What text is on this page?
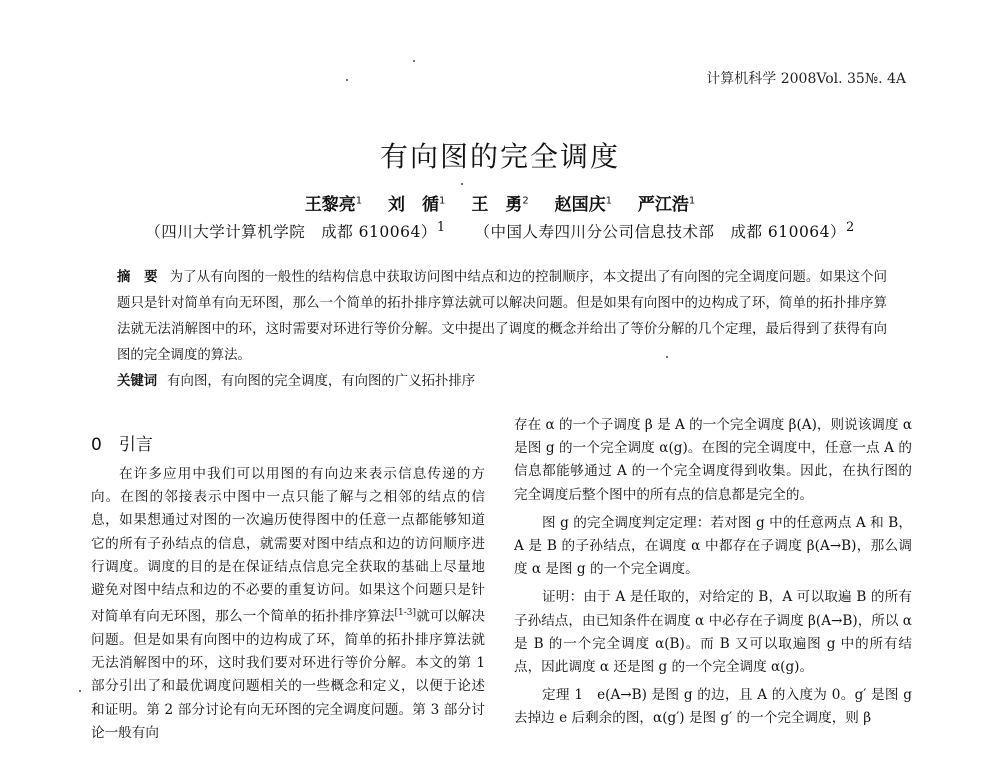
计算机科学 2008Vol. 35№. 4A
有向图的完全调度
王黎亮$^1$ 刘　循$^1$ 王　勇$^2$ 赵国庆$^1$ 严江浩$^1$
（四川大学计算机学院　成都 610064）$^1$ （中国人寿四川分公司信息技术部　成都 610064）$^2$
摘　要 为了从有向图的一般性的结构信息中获取访问图中结点和边的控制顺序，本文提出了有向图的完全调度问题。如果这个问题只是针对简单有向无环图，那么一个简单的拓扑排序算法就可以解决问题。但是如果有向图中的边构成了环，简单的拓扑排序算法就无法消解图中的环，这时需要对环进行等价分解。文中提出了调度的概念并给出了等价分解的几个定理，最后得到了获得有向图的完全调度的算法。
关键词 有向图，有向图的完全调度，有向图的广义拓扑排序
0　引言

在许多应用中我们可以用图的有向边来表示信息传递的方向。在图的邻接表示中图中一点只能了解与之相邻的结点的信息，如果想通过对图的一次遍历使得图中的任意一点都能够知道它的所有子孙结点的信息，就需要对图中结点和边的访问顺序进行调度。调度的目的是在保证结点信息完全获取的基础上尽量地避免对图中结点和边的不必要的重复访问。如果这个问题只是针对简单有向无环图，那么一个简单的拓扑排序算法[1-3]就可以解决问题。但是如果有向图中的边构成了环，简单的拓扑排序算法就无法消解图中的环，这时我们要对环进行等价分解。本文的第 1 部分引出了和最优调度问题相关的一些概念和定义，以便于论述和证明。第 2 部分讨论有向无环图的完全调度问题。第 3 部分讨论一般有向

存在 α 的一个子调度 β 是 A 的一个完全调度 β(A)，则说该调度 α 是图 g 的一个完全调度 α(g)。在图的完全调度中，任意一点 A 的信息都能够通过 A 的一个完全调度得到收集。因此，在执行图的完全调度后整个图中的所有点的信息都是完全的。

图 g 的完全调度判定定理：若对图 g 中的任意两点 A 和 B，A 是 B 的子孙结点，在调度 α 中都存在子调度 β(A→B)，那么调度 α 是图 g 的一个完全调度。

证明：由于 A 是任取的，对给定的 B，A 可以取遍 B 的所有子孙结点，由已知条件在调度 α 中必存在子调度 β(A→B)，所以 α 是 B 的一个完全调度 α(B)。而 B 又可以取遍图 g 中的所有结点，因此调度 α 还是图 g 的一个完全调度 α(g)。

定理 1　e(A→B) 是图 g 的边，且 A 的入度为 0。g′ 是图 g 去掉边 e 后剩余的图，α(g′) 是图 g′ 的一个完全调度，则 β
